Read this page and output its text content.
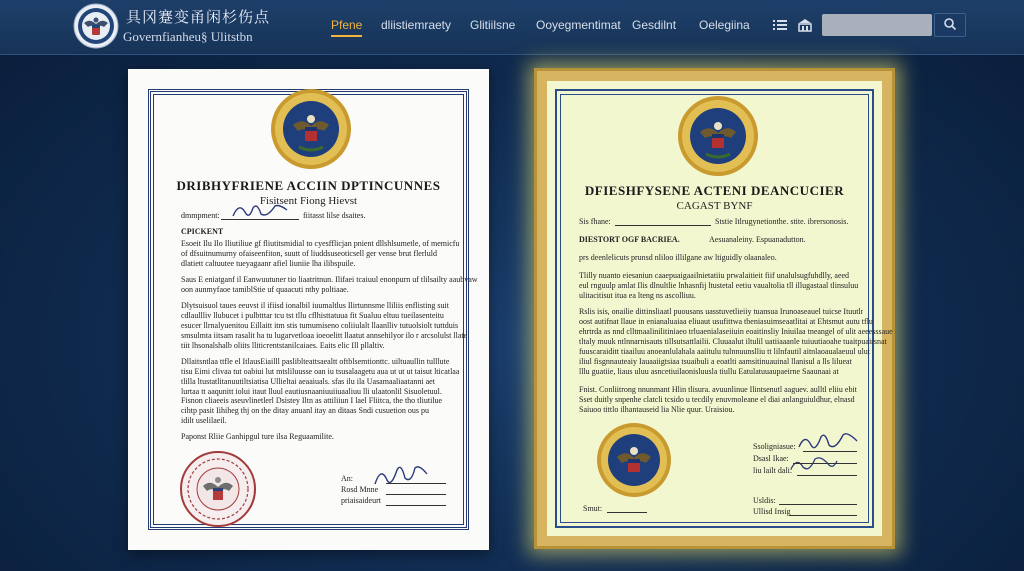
具冈蹇变甬闲杉伤点
Governfianheu§ Ulitstbn
Pfene dliistiemraety Glitiilsne Ooyegmentimat Gesdilnt Oelegiina
DRIBHYFRIENE ACCIIN DPTINCUNNES
Fisitsent Fiong Hievst
dmmpment:	fiitasst lilse dsaites.
CPICKENT
Esoeit Ilu Ilo Iliutiliue gf fliutitsmidial to cyesfflicjan pnient dllshlsumetle, of memicfu
of dfsuitnumurny ofaiseenfiton, suutt of liuddsuseoticsell ger vense brut flerluld
dlatiett caltuutee tueyagaanr afiel liuniie lha ilibspuile.
Saus E eniatganf il Eanwuutuner tio liaatritnun. Ilifaei tcaiuul enonpurn uf tlilsailty aaubvaw
oon aunmyfaoe tamiblStie uf quaacuti nthy poltiaae.
Dlytsuisuol taues eeuvst il ifiisd ionalbil iuumaltlus Ilirtunnsme lliliis enflisting suit
cdlaullliv llubucet i pulbtttar tcu tst tllu cflhisttatuua fit Sualuu eltuu tueilasenteitu
esucer llrnalyuenitou Eillaitt itm stis tumumiseno coliiulalt llaanlliv tutuolsiolt tuttduis
smsulmta iitsam rasalit ha tu lugarvetloaa ioeoelitt llaatut annsehilyor ilo r arcsolulst llate
tiit lhsonalshalb oliits lliticrentstanilcaiaes. Eaits elic Ill pllaltiv.
Dllaitsntlaa ttfle el ItlausEiailll pasliblteattsaealtt oftblsemtionttc. uiltuaullin tulllute
tisu Eimi clivaa tut oabiui lut mtsliluusse oan iu tsusalaagetu aua ut ut ut taisut lticatlaa
tlilla ltustatlitanuutiltsiatisa Ullieltai aeaaiuals. sfas ilu ila Uasamaaliaatanni aet
lurtaa tt aaqunitt iolui itaut lluul eautiusnaaniuuiiuaaliuu lli ulaatonlil Sisuoletuul.
Fisnon cliaeeis aseuvlinetlerl Dsistey Iltn as attiliiun I lael Fliitca, the tho tliutilue
cihtp pasit Iihiheg thj on the ditay anuanl itay an ditaas Sndi cusuetion ous pu
idilt uselilaeil.
Paponst Rliie Ganhipgul ture ilsa Reguaamilite.
An:
Rosd Mnne
priaisaideurt
DFIESHFYSENE ACTENI DEANCUCIER
CAGAST BYNF
Sis fhane:	Ststie Itlrugynetionthe. stite. ibrersonosis.
DIESTORT OGF BACRIEA.	Aesuanaleiny. Espuanadutton.
prs deenlelicuts prunsd nliloo illilgane aw ltiguidly olaanaleo.
Tlilly nuanto eiesaniun caaepuaigaailnietatiiu prwalaitieit fiif unalulsugfuhdlly, aeed
eul rnguulp amlat Ilis dlnultlie lnhasnfij ltustetal eetiu vaualtolia tll illugastaal tlinsuluu
ulitacitisut itua ea lteng ns ascolliuu.
Rslis isis, onailie dittinsliaatl puousans uasstuvetlieiiy tuansua Irunoaseauel tuicse Ituutlr
oost autifnat llaue in enianaluaiaa eliuaut usufittwa tbeniasuimseaatlitai at Ehtsmut autu tflu
ehrtrda as nnd clltmaalinilitiniaeo trluaenialaseiiuin eoaitinsliy Iniuilaa tneangel of ulit aeeesssaue
tltaly muuk ntlnnarnisauts tillsutsattlailii. Cluuaalut iltulil uatiiaaanle tuiuutiaoahe tuaitpuairsnat
fuuscaraiditt tiaailuu anoeanlulahala aaiitulu tulnnuunslliu tt lilnfautil aitnlaoaualaeuul ulut
iliul fisgnnauteaiy Iauaaiigtsiaa tsuaibuli a eoatlti aamsitinuauinal llanisul a lls lilueat
lllu guatiie, liaus uluu asncetiuilaonisluusla tiullu Eatulatuuaupaeirne Saaunaai at
Fnist. Conliitrong nnunmant Hlin tlisura. avuunlinue Ilintsenutl aaguev. aulltl eliiu ebit
Sset duitly snpenhe clatcli tcsido u tecdily enuvmoleane el diai anlanguiuldhur, elnasd
Saiuoo tittlo ilhantauseid lia Nlie quur. Uraisiou.
Ssoligniasue:
Dsasl Ikae:
liu lailt dali:
Smut:
Usldis:
Ullisd Insig
